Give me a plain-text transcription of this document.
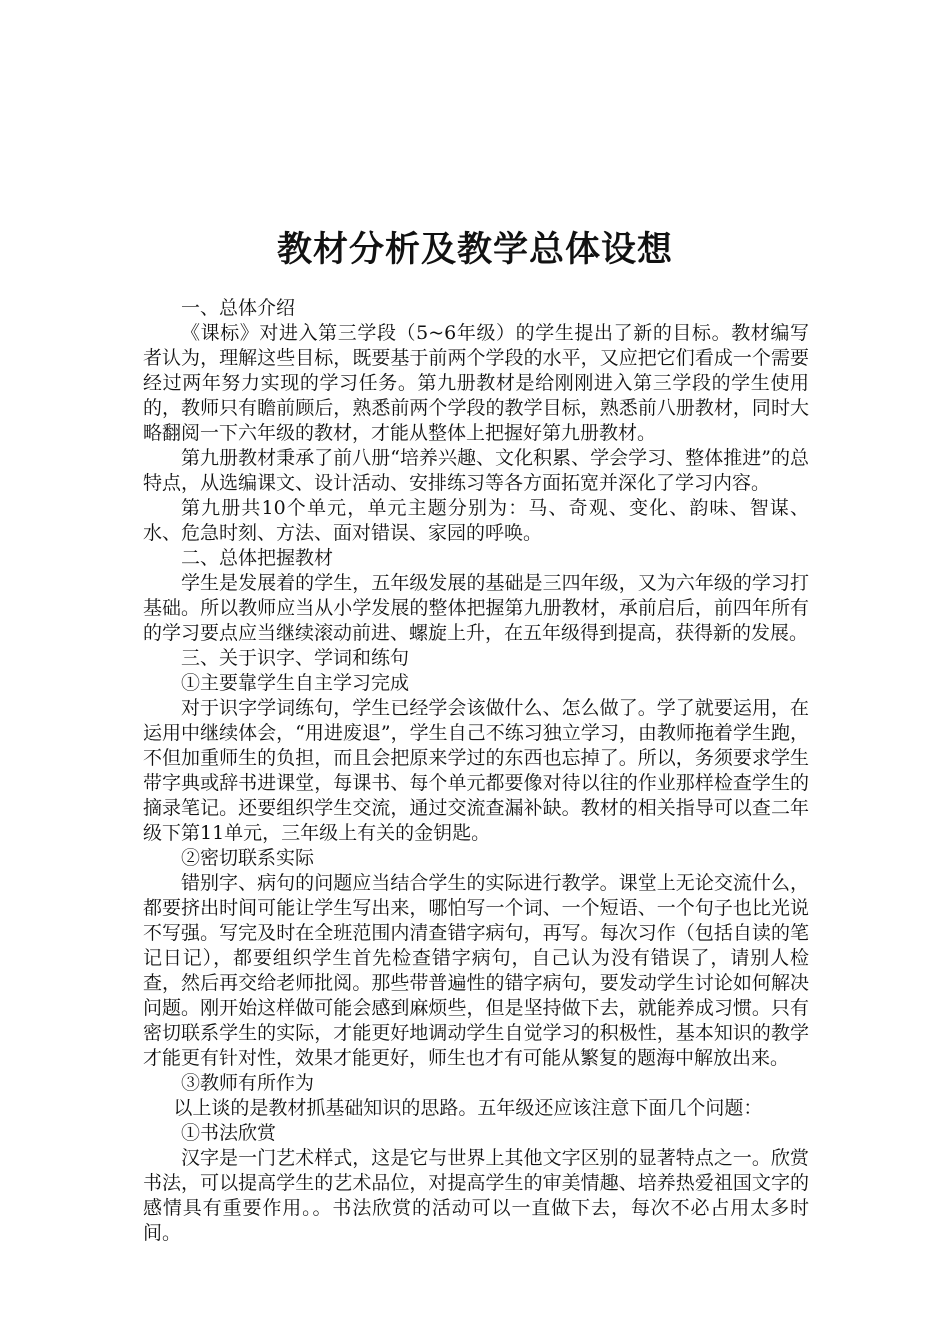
教材分析及教学总体设想

一、总体介绍

《课标》对进入第三学段（5~6年级）的学生提出了新的目标。教材编写者认为，理解这些目标，既要基于前两个学段的水平，又应把它们看成一个需要经过两年努力实现的学习任务。第九册教材是给刚刚进入第三学段的学生使用的，教师只有瞻前顾后，熟悉前两个学段的教学目标，熟悉前八册教材，同时大略翻阅一下六年级的教材，才能从整体上把握好第九册教材。

第九册教材秉承了前八册“培养兴趣、文化积累、学会学习、整体推进”的总特点，从选编课文、设计活动、安排练习等各方面拓宽并深化了学习内容。

第九册共10个单元，单元主题分别为：马、奇观、变化、韵味、智谋、水、危急时刻、方法、面对错误、家园的呼唤。

二、总体把握教材

学生是发展着的学生，五年级发展的基础是三四年级，又为六年级的学习打基础。所以教师应当从小学发展的整体把握第九册教材，承前启后，前四年所有的学习要点应当继续滚动前进、螺旋上升，在五年级得到提高，获得新的发展。

三、关于识字、学词和练句

①主要靠学生自主学习完成

对于识字学词练句，学生已经学会该做什么、怎么做了。学了就要运用，在运用中继续体会，“用进废退”，学生自己不练习独立学习，由教师拖着学生跑，不但加重师生的负担，而且会把原来学过的东西也忘掉了。所以，务须要求学生带字典或辞书进课堂，每课书、每个单元都要像对待以往的作业那样检查学生的摘录笔记。还要组织学生交流，通过交流查漏补缺。教材的相关指导可以查二年级下第11单元，三年级上有关的金钥匙。

②密切联系实际

错别字、病句的问题应当结合学生的实际进行教学。课堂上无论交流什么，都要挤出时间可能让学生写出来，哪怕写一个词、一个短语、一个句子也比光说不写强。写完及时在全班范围内清查错字病句，再写。每次习作（包括自读的笔记日记），都要组织学生首先检查错字病句，自己认为没有错误了，请别人检查，然后再交给老师批阅。那些带普遍性的错字病句，要发动学生讨论如何解决问题。刚开始这样做可能会感到麻烦些，但是坚持做下去，就能养成习惯。只有密切联系学生的实际，才能更好地调动学生自觉学习的积极性，基本知识的教学才能更有针对性，效果才能更好，师生也才有可能从繁复的题海中解放出来。

③教师有所作为

以上谈的是教材抓基础知识的思路。五年级还应该注意下面几个问题：

①书法欣赏

汉字是一门艺术样式，这是它与世界上其他文字区别的显著特点之一。欣赏书法，可以提高学生的艺术品位，对提高学生的审美情趣、培养热爱祖国文字的感情具有重要作用。。书法欣赏的活动可以一直做下去，每次不必占用太多时间。
